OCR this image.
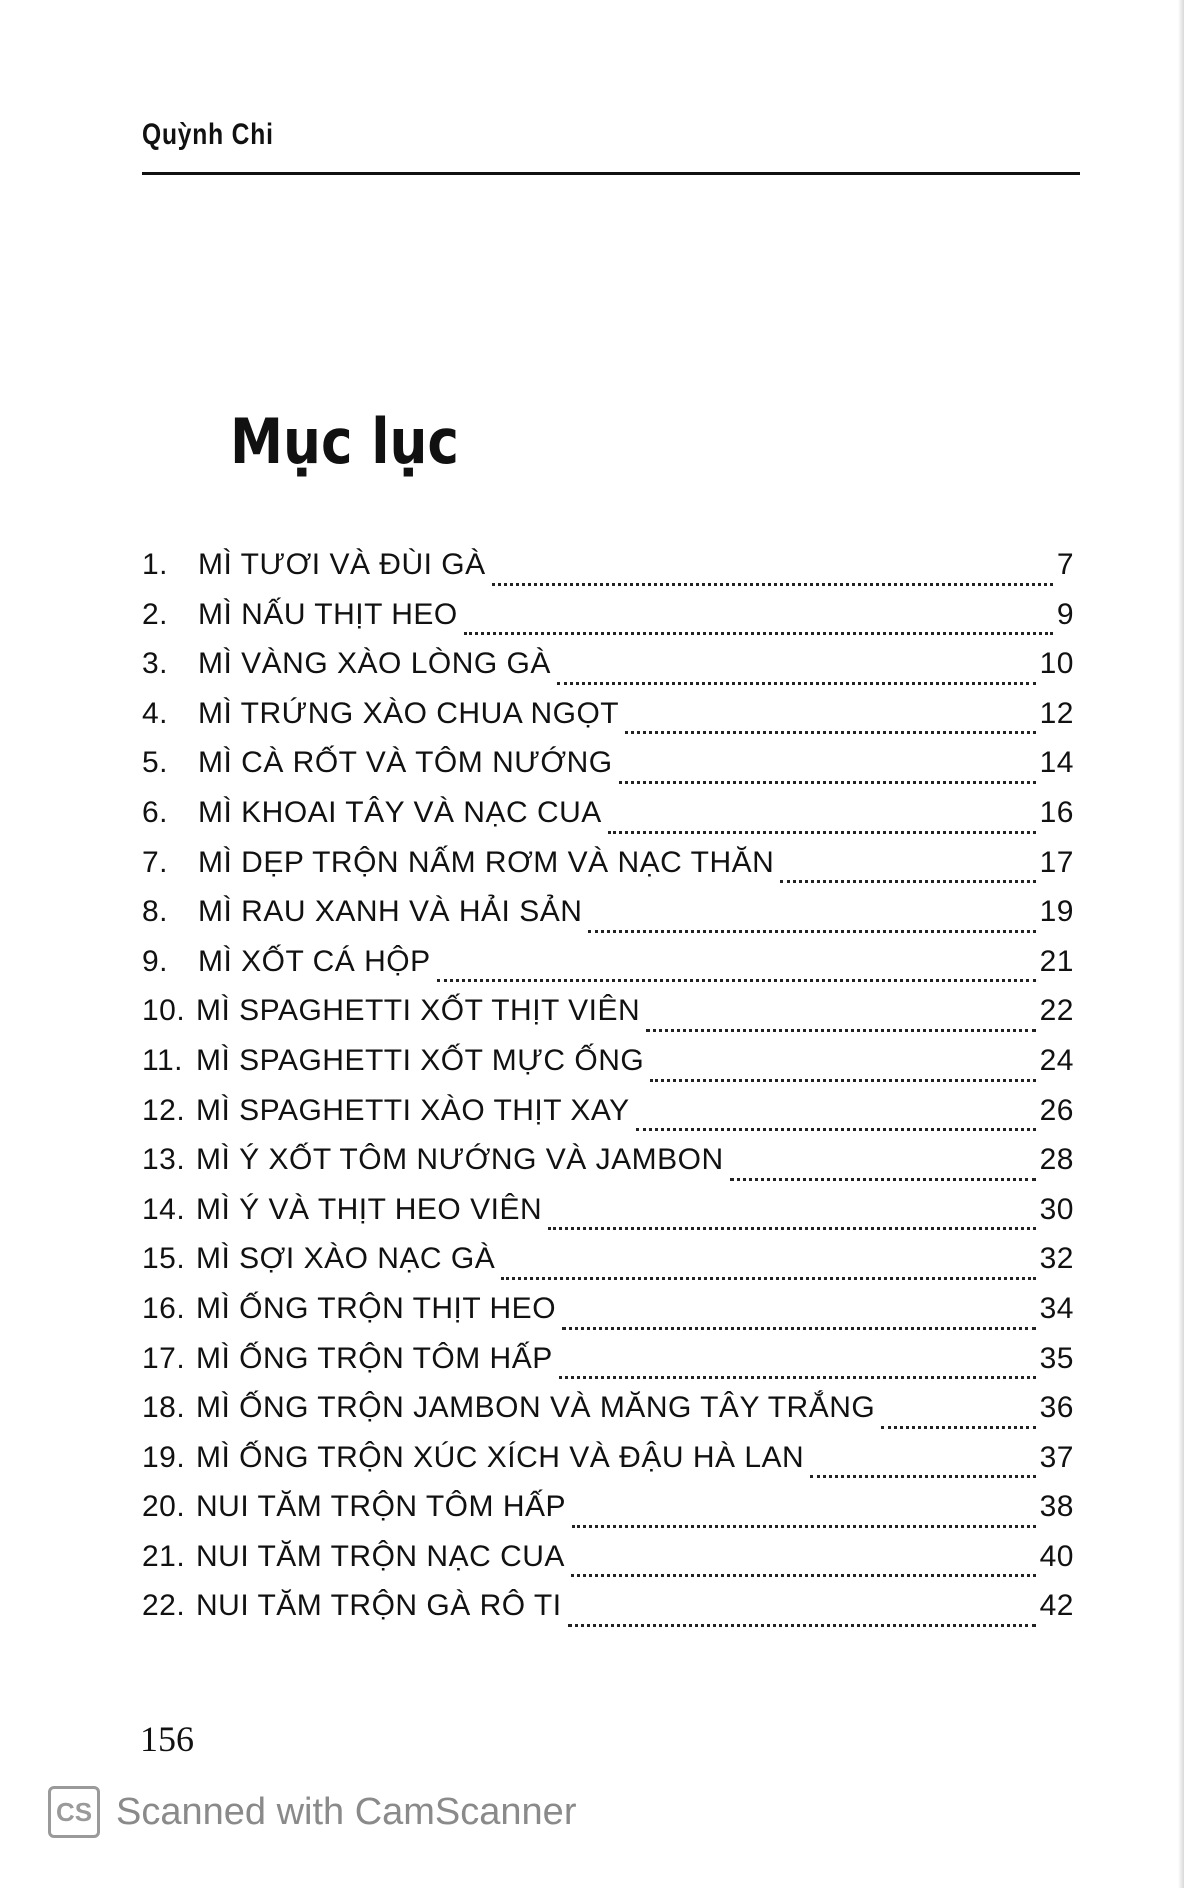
Quỳnh Chi
Mục lục
1. MÌ TƯƠI VÀ ĐÙI GÀ	7
2. MÌ NẤU THỊT HEO	9
3. MÌ VÀNG XÀO LÒNG GÀ	10
4. MÌ TRỨNG XÀO CHUA NGỌT	12
5. MÌ CÀ RỐT VÀ TÔM NƯỚNG	14
6. MÌ KHOAI TÂY VÀ NẠC CUA	16
7. MÌ DẸP TRỘN NẤM RƠM VÀ NẠC THĂN	17
8. MÌ RAU XANH VÀ HẢI SẢN	19
9. MÌ XỐT CÁ HỘP	21
10. MÌ SPAGHETTI XỐT THỊT VIÊN	22
11. MÌ SPAGHETTI XỐT MỰC ỐNG	24
12. MÌ SPAGHETTI XÀO THỊT XAY	26
13. MÌ Ý XỐT TÔM NƯỚNG VÀ JAMBON	28
14. MÌ Ý VÀ THỊT HEO VIÊN	30
15. MÌ SỢI XÀO NẠC GÀ	32
16. MÌ ỐNG TRỘN THỊT HEO	34
17. MÌ ỐNG TRỘN TÔM HẤP	35
18. MÌ ỐNG TRỘN JAMBON VÀ MĂNG TÂY TRẮNG	36
19. MÌ ỐNG TRỘN XÚC XÍCH VÀ ĐẬU HÀ LAN	37
20. NUI TĂM TRỘN TÔM HẤP	38
21. NUI TĂM TRỘN NẠC CUA	40
22. NUI TĂM TRỘN GÀ RÔ TI	42
156
CS Scanned with CamScanner
